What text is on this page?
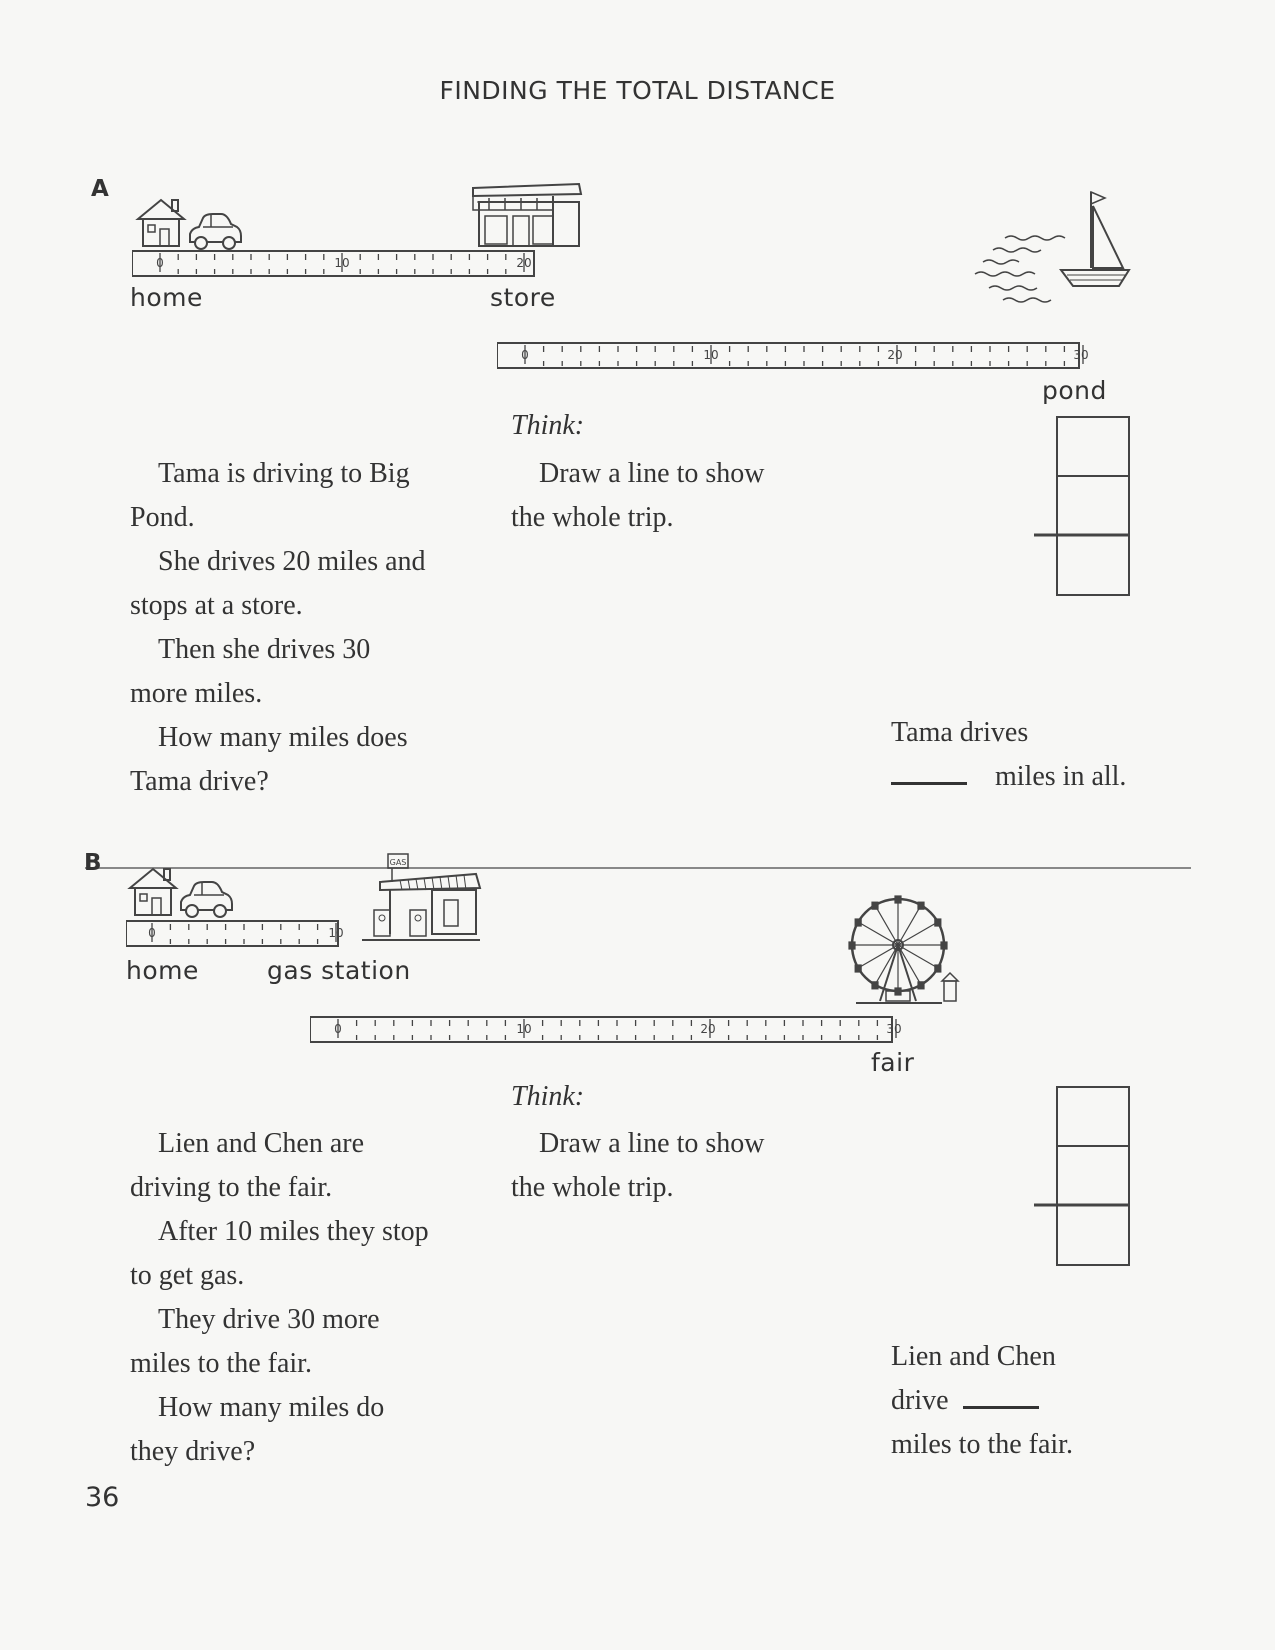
FINDING THE TOTAL DISTANCE
A
0	10	20
home	store
0	10	20	30
pond
Think:
Draw a line to show
the whole trip.

Tama is driving to Big

Pond.

She drives 20 miles and

stops at a store.

Then she drives 30

more miles.

How many miles does

Tama drive?

Tama drives
miles in all.
B	GAS
0	10
home	gas station
0	10	20	30
fair
Think:
Draw a line to show
the whole trip.

Lien and Chen are

driving to the fair.

After 10 miles they stop

to get gas.

They drive 30 more

miles to the fair.

How many miles do

they drive?

Lien and Chen
drive
miles to the fair.
36
